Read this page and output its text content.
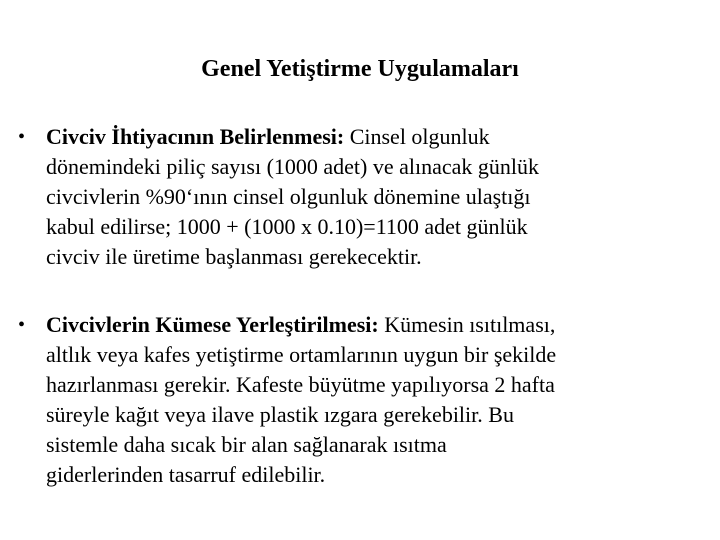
Genel Yetiştirme Uygulamaları
• Civciv İhtiyacının Belirlenmesi: Cinsel olgunluk
dönemindeki piliç sayısı (1000 adet) ve alınacak günlük
civcivlerin %90‘ının cinsel olgunluk dönemine ulaştığı
kabul edilirse; 1000 + (1000 x 0.10)=1100 adet günlük
civciv ile üretime başlanması gerekecektir.
• Civcivlerin Kümese Yerleştirilmesi: Kümesin ısıtılması,
altlık veya kafes yetiştirme ortamlarının uygun bir şekilde
hazırlanması gerekir. Kafeste büyütme yapılıyorsa 2 hafta
süreyle kağıt veya ilave plastik ızgara gerekebilir. Bu
sistemle daha sıcak bir alan sağlanarak ısıtma
giderlerinden tasarruf edilebilir.
